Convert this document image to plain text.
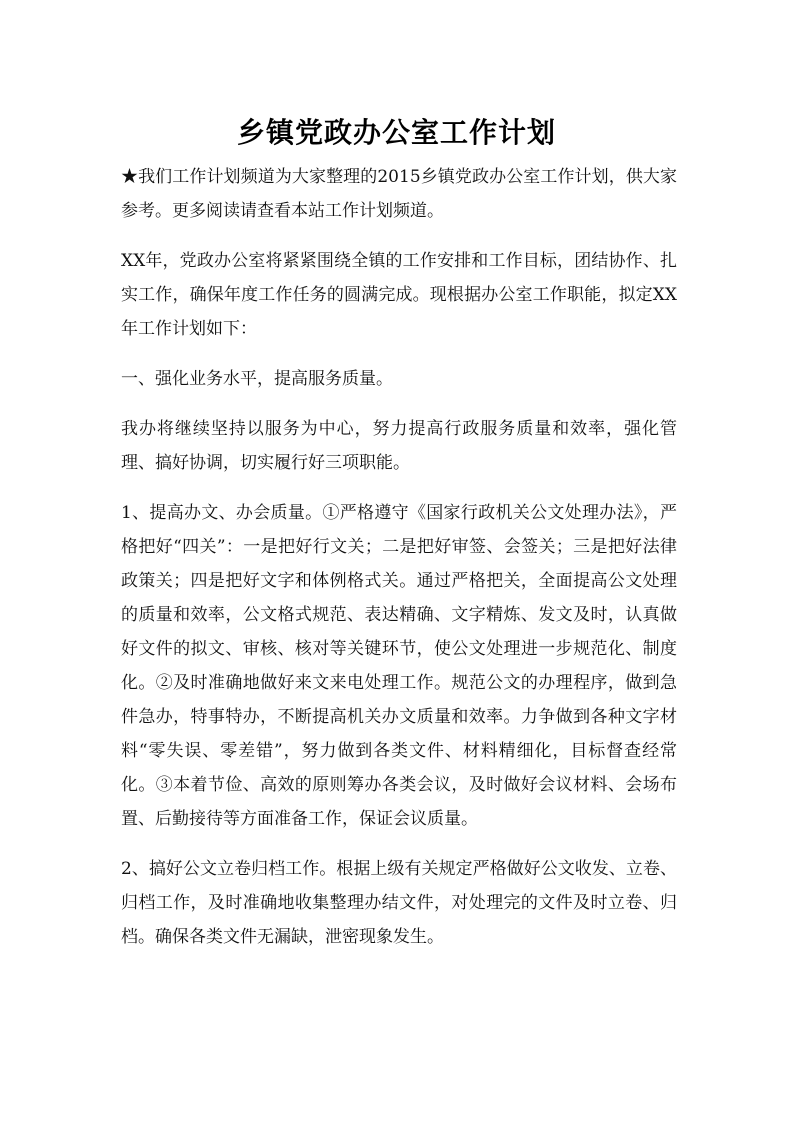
乡镇党政办公室工作计划

★我们工作计划频道为大家整理的2015乡镇党政办公室工作计划，供大家参考。更多阅读请查看本站工作计划频道。

XX年，党政办公室将紧紧围绕全镇的工作安排和工作目标，团结协作、扎实工作，确保年度工作任务的圆满完成。现根据办公室工作职能，拟定XX年工作计划如下：

一、强化业务水平，提高服务质量。

我办将继续坚持以服务为中心，努力提高行政服务质量和效率，强化管理、搞好协调，切实履行好三项职能。

1、提高办文、办会质量。①严格遵守《国家行政机关公文处理办法》，严格把好“四关”：一是把好行文关；二是把好审签、会签关；三是把好法律政策关；四是把好文字和体例格式关。通过严格把关，全面提高公文处理的质量和效率，公文格式规范、表达精确、文字精炼、发文及时，认真做好文件的拟文、审核、核对等关键环节，使公文处理进一步规范化、制度化。②及时准确地做好来文来电处理工作。规范公文的办理程序，做到急件急办，特事特办，不断提高机关办文质量和效率。力争做到各种文字材料“零失误、零差错”，努力做到各类文件、材料精细化，目标督查经常化。③本着节俭、高效的原则筹办各类会议，及时做好会议材料、会场布置、后勤接待等方面准备工作，保证会议质量。

2、搞好公文立卷归档工作。根据上级有关规定严格做好公文收发、立卷、归档工作，及时准确地收集整理办结文件，对处理完的文件及时立卷、归档。确保各类文件无漏缺，泄密现象发生。
